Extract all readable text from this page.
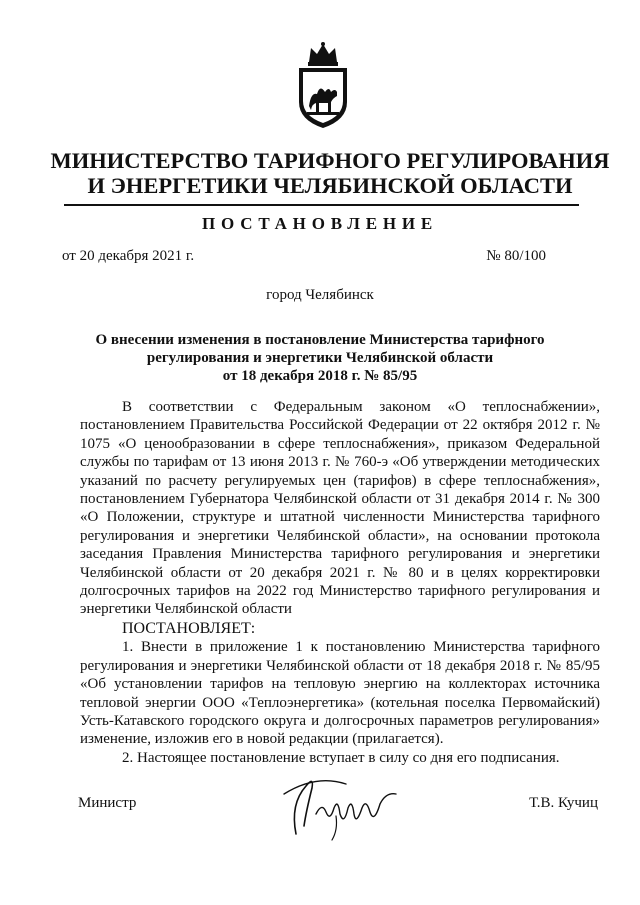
МИНИСТЕРСТВО ТАРИФНОГО РЕГУЛИРОВАНИЯ
И ЭНЕРГЕТИКИ ЧЕЛЯБИНСКОЙ ОБЛАСТИ
ПОСТАНОВЛЕНИЕ
от 20 декабря 2021 г.	№ 80/100
город Челябинск
О внесении изменения в постановление Министерства тарифного
регулирования и энергетики Челябинской области
от 18 декабря 2018 г. № 85/95

В соответствии с Федеральным законом «О теплоснабжении», постановлением Правительства Российской Федерации от 22 октября 2012 г. № 1075 «О ценообразовании в сфере теплоснабжения», приказом Федеральной службы по тарифам от 13 июня 2013 г. № 760-э «Об утверждении методических указаний по расчету регулируемых цен (тарифов) в сфере теплоснабжения», постановлением Губернатора Челябинской области от 31 декабря 2014 г. № 300 «О Положении, структуре и штатной численности Министерства тарифного регулирования и энергетики Челябинской области», на основании протокола заседания Правления Министерства тарифного регулирования и энергетики Челябинской области от 20 декабря 2021 г. № 80 и в целях корректировки долгосрочных тарифов на 2022 год Министерство тарифного регулирования и энергетики Челябинской области

ПОСТАНОВЛЯЕТ:

1. Внести в приложение 1 к постановлению Министерства тарифного регулирования и энергетики Челябинской области от 18 декабря 2018 г. № 85/95 «Об установлении тарифов на тепловую энергию на коллекторах источника тепловой энергии ООО «Теплоэнергетика» (котельная поселка Первомайский) Усть-Катавского городского округа и долгосрочных параметров регулирования» изменение, изложив его в новой редакции (прилагается).

2. Настоящее постановление вступает в силу со дня его подписания.

Министр	Т.В. Кучиц
